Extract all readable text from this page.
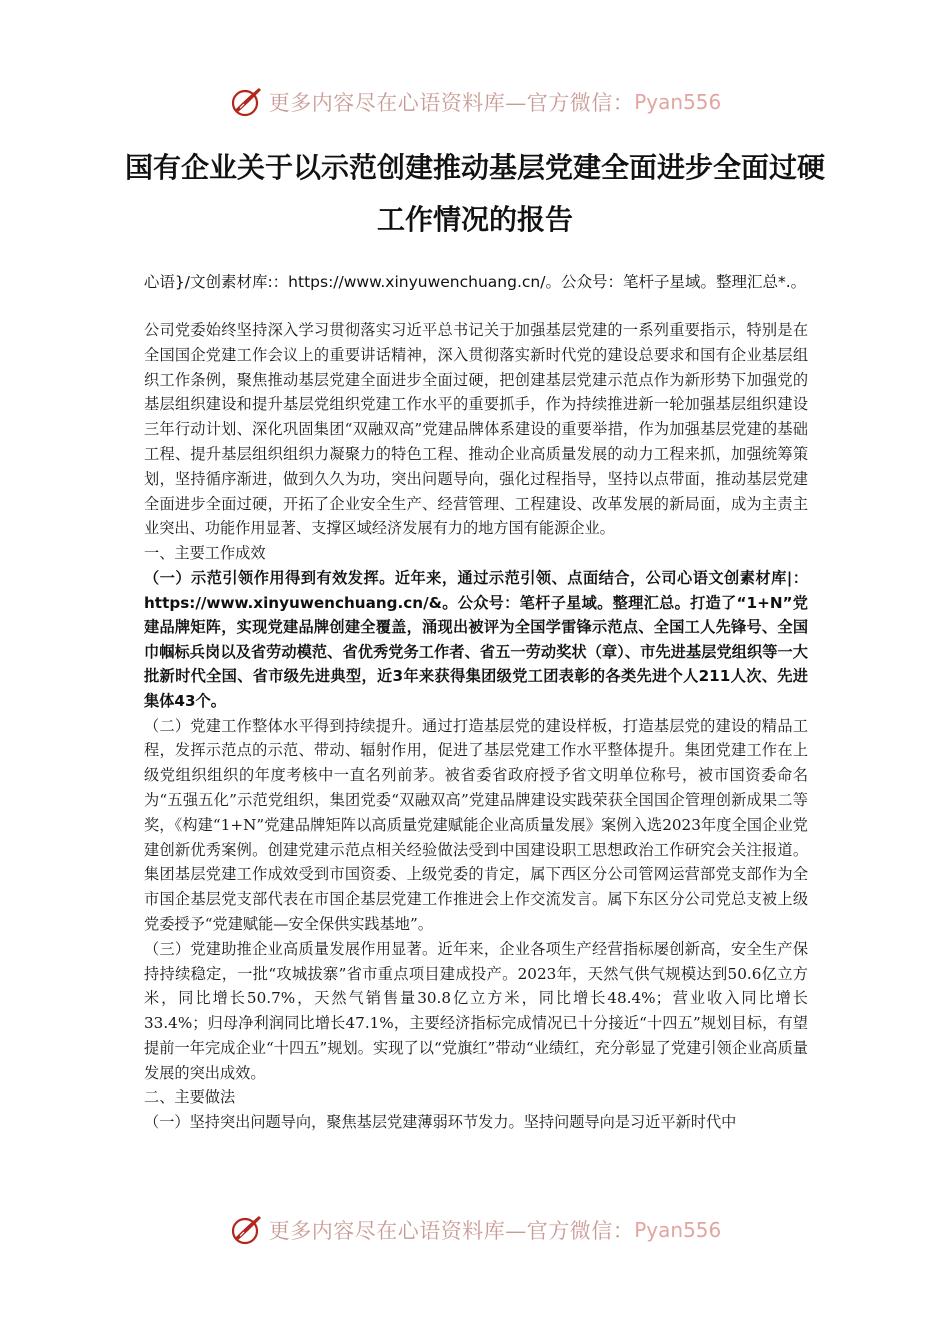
更多内容尽在心语资料库—官方微信： Pyan556
国有企业关于以示范创建推动基层党建全面进步全面过硬工作情况的报告

心语}/文创素材库:：https://www.xinyuwenchuang.cn/。公众号：笔杆子星域。整理汇总*.。

公司党委始终坚持深入学习贯彻落实习近平总书记关于加强基层党建的一系列重要指示，特别是在全国国企党建工作会议上的重要讲话精神，深入贯彻落实新时代党的建设总要求和国有企业基层组织工作条例，聚焦推动基层党建全面进步全面过硬，把创建基层党建示范点作为新形势下加强党的基层组织建设和提升基层党组织党建工作水平的重要抓手，作为持续推进新一轮加强基层组织建设三年行动计划、深化巩固集团“双融双高”党建品牌体系建设的重要举措，作为加强基层党建的基础工程、提升基层组织组织力凝聚力的特色工程、推动企业高质量发展的动力工程来抓，加强统筹策划，坚持循序渐进，做到久久为功，突出问题导向，强化过程指导，坚持以点带面，推动基层党建全面进步全面过硬，开拓了企业安全生产、经营管理、工程建设、改革发展的新局面，成为主责主业突出、功能作用显著、支撑区域经济发展有力的地方国有能源企业。

一、主要工作成效

（一）示范引领作用得到有效发挥。近年来，通过示范引领、点面结合，公司心语文创素材库|：https://www.xinyuwenchuang.cn/&。公众号：笔杆子星域。整理汇总。打造了“1+N”党建品牌矩阵，实现党建品牌创建全覆盖，涌现出被评为全国学雷锋示范点、全国工人先锋号、全国巾帼标兵岗以及省劳动模范、省优秀党务工作者、省五一劳动奖状（章）、市先进基层党组织等一大批新时代全国、省市级先进典型，近3年来获得集团级党工团表彰的各类先进个人211人次、先进集体43个。

（二）党建工作整体水平得到持续提升。通过打造基层党的建设样板，打造基层党的建设的精品工程，发挥示范点的示范、带动、辐射作用，促进了基层党建工作水平整体提升。集团党建工作在上级党组织组织的年度考核中一直名列前茅。被省委省政府授予省文明单位称号，被市国资委命名为“五强五化”示范党组织，集团党委“双融双高”党建品牌建设实践荣获全国国企管理创新成果二等奖，《构建“1+N”党建品牌矩阵以高质量党建赋能企业高质量发展》案例入选2023年度全国企业党建创新优秀案例。创建党建示范点相关经验做法受到中国建设职工思想政治工作研究会关注报道。集团基层党建工作成效受到市国资委、上级党委的肯定，属下西区分公司管网运营部党支部作为全市国企基层党支部代表在市国企基层党建工作推进会上作交流发言。属下东区分公司党总支被上级党委授予“党建赋能—安全保供实践基地”。

（三）党建助推企业高质量发展作用显著。近年来，企业各项生产经营指标屡创新高，安全生产保持持续稳定，一批“攻城拔寨”省市重点项目建成投产。2023年，天然气供气规模达到50.6亿立方米，同比增长50.7%，天然气销售量30.8亿立方米，同比增长48.4%；营业收入同比增长33.4%；归母净利润同比增长47.1%，主要经济指标完成情况已十分接近“十四五”规划目标，有望提前一年完成企业“十四五”规划。实现了以“党旗红”带动“业绩红，充分彰显了党建引领企业高质量发展的突出成效。

二、主要做法

（一）坚持突出问题导向，聚焦基层党建薄弱环节发力。坚持问题导向是习近平新时代中

更多内容尽在心语资料库—官方微信： Pyan556
